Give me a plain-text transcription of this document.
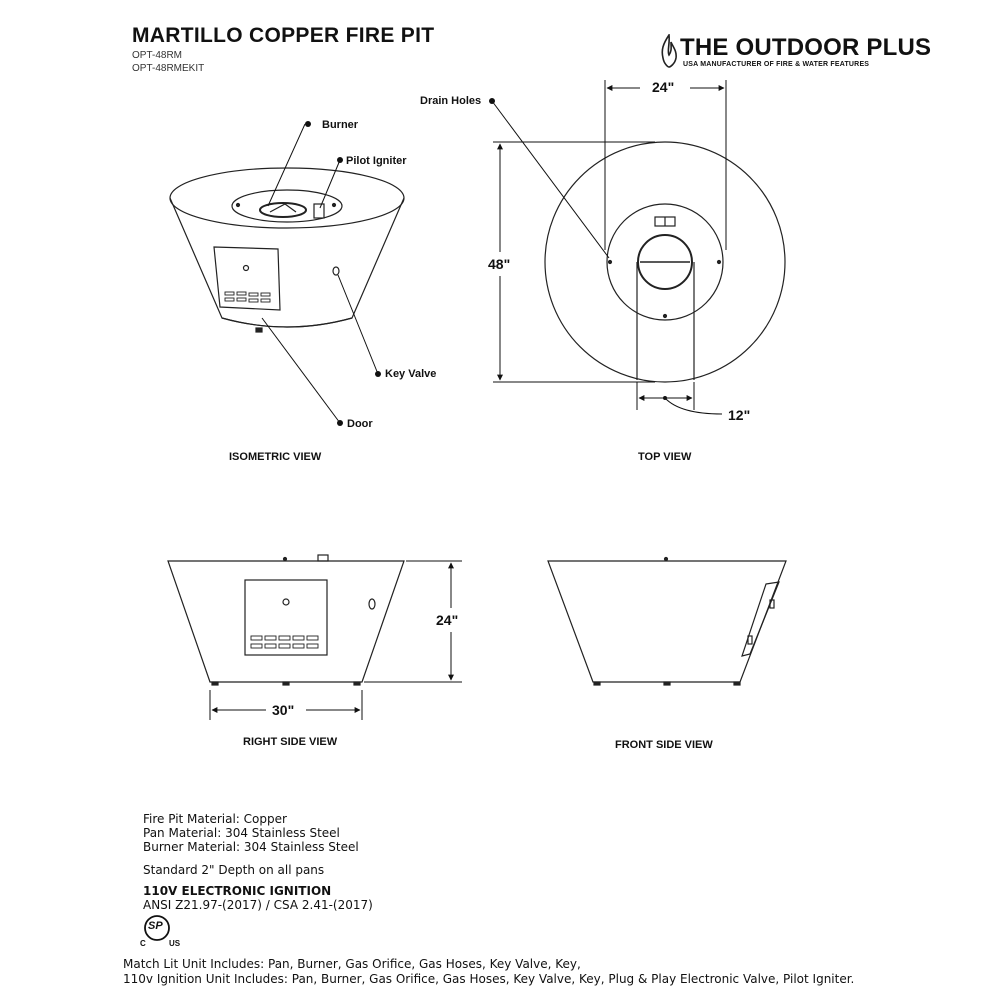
MARTILLO COPPER FIRE PIT
OPT-48RM
OPT-48RMEKIT
THE OUTDOOR PLUS
USA MANUFACTURER OF FIRE & WATER FEATURES
Burner
Pilot Igniter
Key Valve
Door
Drain Holes
24"
48"
12"
24"
30"
ISOMETRIC VIEW	TOP VIEW
RIGHT SIDE VIEW	FRONT SIDE VIEW
Fire Pit Material: Copper
Pan Material: 304 Stainless Steel
Burner Material: 304 Stainless Steel
Standard 2" Depth on all pans
110V ELECTRONIC IGNITION
ANSI Z21.97-(2017) / CSA 2.41-(2017)
SP
C	US
Match Lit Unit Includes: Pan, Burner, Gas Orifice, Gas Hoses, Key Valve, Key,
110v Ignition Unit Includes: Pan, Burner, Gas Orifice, Gas Hoses, Key Valve, Key, Plug & Play Electronic Valve, Pilot Igniter.
